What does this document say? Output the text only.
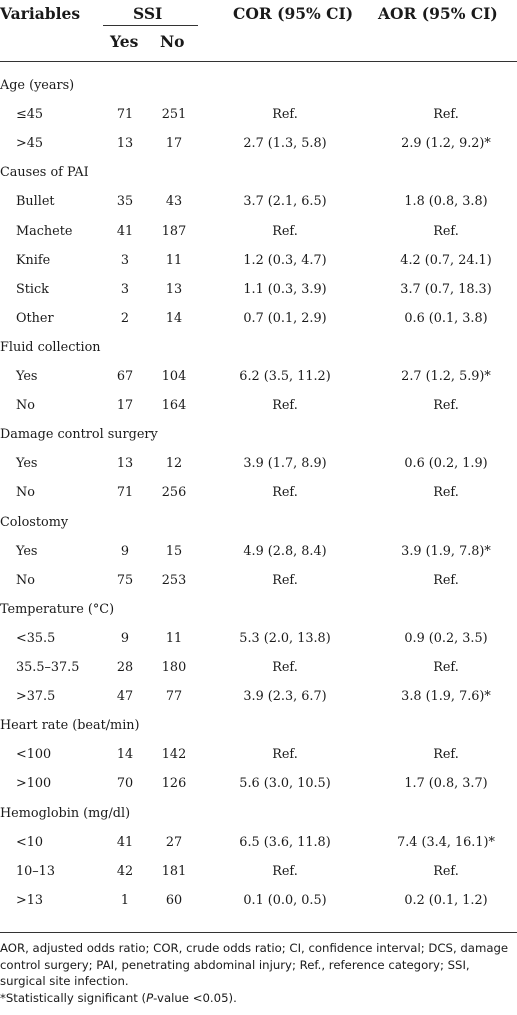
Variables	SSI	COR (95% CI) AOR (95% CI)
Yes No
Age (years)
≤45	71	251	Ref.	Ref.
>45	13	17	2.7 (1.3, 5.8)	2.9 (1.2, 9.2)*
Causes of PAI
Bullet	35	43	3.7 (2.1, 6.5)	1.8 (0.8, 3.8)
Machete	41	187	Ref.	Ref.
Knife	3	11	1.2 (0.3, 4.7)	4.2 (0.7, 24.1)
Stick	3	13	1.1 (0.3, 3.9)	3.7 (0.7, 18.3)
Other	2	14	0.7 (0.1, 2.9)	0.6 (0.1, 3.8)
Fluid collection
Yes	67	104	6.2 (3.5, 11.2)	2.7 (1.2, 5.9)*
No	17	164	Ref.	Ref.
Damage control surgery
Yes	13	12	3.9 (1.7, 8.9)	0.6 (0.2, 1.9)
No	71	256	Ref.	Ref.
Colostomy
Yes	9	15	4.9 (2.8, 8.4)	3.9 (1.9, 7.8)*
No	75	253	Ref.	Ref.
Temperature (°C)
<35.5	9	11	5.3 (2.0, 13.8)	0.9 (0.2, 3.5)
35.5–37.5	28	180	Ref.	Ref.
>37.5	47	77	3.9 (2.3, 6.7)	3.8 (1.9, 7.6)*
Heart rate (beat/min)
<100	14	142	Ref.	Ref.
>100	70	126	5.6 (3.0, 10.5)	1.7 (0.8, 3.7)
Hemoglobin (mg/dl)
<10	41	27	6.5 (3.6, 11.8)	7.4 (3.4, 16.1)*
10–13	42	181	Ref.	Ref.
>13	1	60	0.1 (0.0, 0.5)	0.2 (0.1, 1.2)
AOR, adjusted odds ratio; COR, crude odds ratio; CI, confidence interval; DCS, damage control surgery; PAI, penetrating abdominal injury; Ref., reference category; SSI, surgical site infection.
*Statistically significant (P-value <0.05).
